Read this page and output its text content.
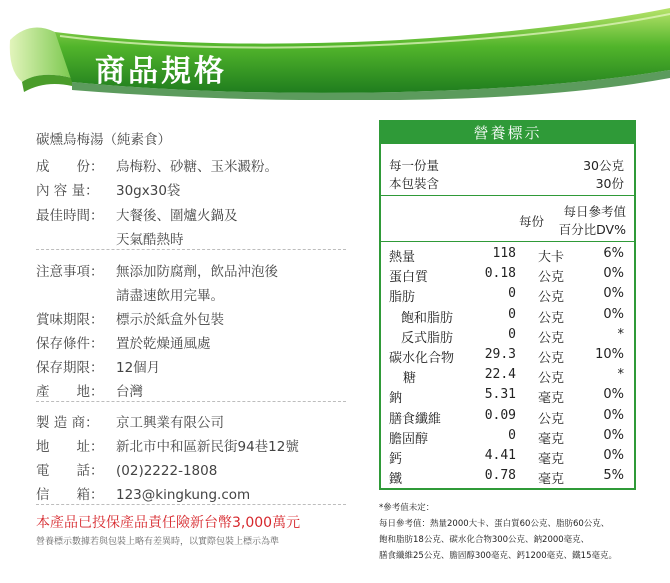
商品規格
碳燻烏梅湯（純素食）
成　　份： 烏梅粉、砂糖、玉米澱粉。
內 容 量： 30gx30袋
最佳時間： 大餐後、圍爐火鍋及
天氣酷熱時
注意事項： 無添加防腐劑，飲品沖泡後
請盡速飲用完畢。
賞味期限： 標示於紙盒外包裝
保存條件： 置於乾燥通風處
保存期限： 12個月
產　　地： 台灣
製 造 商： 京工興業有限公司
地　　址： 新北市中和區新民街94巷12號
電　　話： (02)2222-1808
信　　箱： 123@kingkung.com
本產品已投保產品責任險新台幣3,000萬元
營養標示數據若與包裝上略有差異時，以實際包裝上標示為準
營養標示
每一份量	30公克
本包裝含	30份
每份
每日參考值
百分比DV%
熱量	118 大卡	6%
蛋白質	0.18 公克	0%
脂肪	0 公克	0%
飽和脂肪	0 公克	0%
反式脂肪	0 公克	*
碳水化合物 29.3 公克 10%
糖	22.4 公克	*
鈉	5.31 毫克	0%
膳食纖維	0.09 公克	0%
膽固醇	0 毫克	0%
鈣	4.41 毫克	0%
鐵	0.78 毫克	5%
*參考值未定：
每日參考值：熱量2000大卡、蛋白質60公克、脂肪60公克、
飽和脂肪18公克、碳水化合物300公克、鈉2000毫克、
膳食纖維25公克、膽固醇300毫克、鈣1200毫克、鐵15毫克。
